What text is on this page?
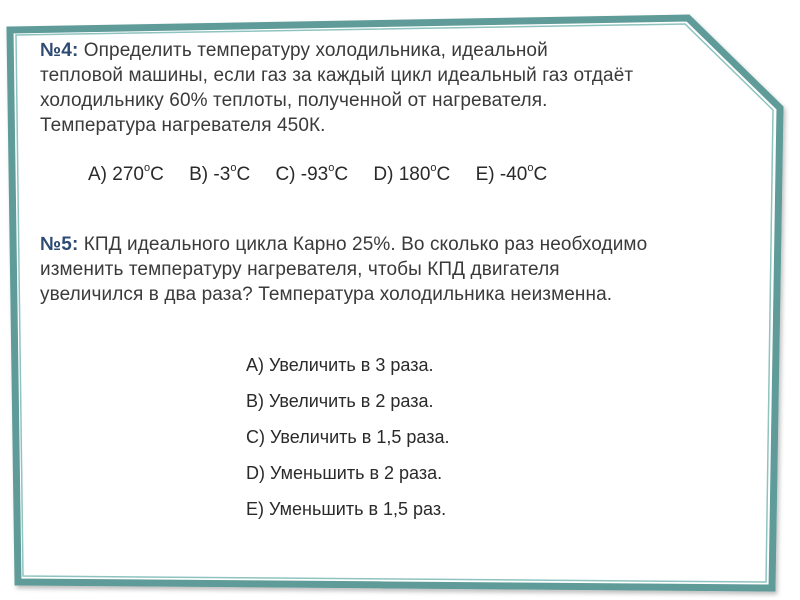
№4: Определить температуру холодильника, идеальной
тепловой машины, если газ за каждый цикл идеальный газ отдаёт
холодильнику 60% теплоты, полученной от нагревателя.
Температура нагревателя 450К.
A) 270$^o$C B) -3$^o$C C) -93$^o$C D) 180$^o$C E) -40$^o$C
№5: КПД идеального цикла Карно 25%. Во сколько раз необходимо
изменить температуру нагревателя, чтобы КПД двигателя
увеличился в два раза? Температура холодильника неизменна.
A) Увеличить в 3 раза.
B) Увеличить в 2 раза.
C) Увеличить в 1,5 раза.
D) Уменьшить в 2 раза.
E) Уменьшить в 1,5 раз.
